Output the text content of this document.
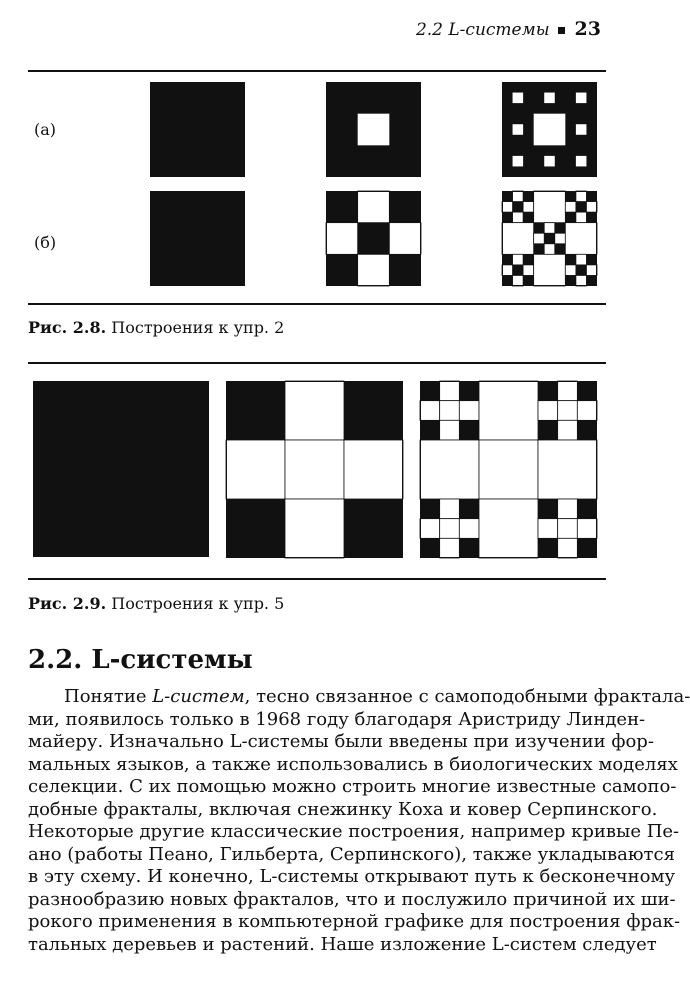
2.2 L-системы 23
(а)
(б)
Рис. 2.8. Построения к упр. 2
Рис. 2.9. Построения к упр. 5
2.2. L-системы
Понятие L-систем, тесно связанное с самоподобными фрактала-
ми, появилось только в 1968 году благодаря Аристриду Линден-
майеру. Изначально L-системы были введены при изучении фор-
мальных языков, а также использовались в биологических моделях
селекции. С их помощью можно строить многие известные самопо-
добные фракталы, включая снежинку Коха и ковер Серпинского.
Некоторые другие классические построения, например кривые Пе-
ано (работы Пеано, Гильберта, Серпинского), также укладываются
в эту схему. И конечно, L-системы открывают путь к бесконечному
разнообразию новых фракталов, что и послужило причиной их ши-
рокого применения в компьютерной графике для построения фрак-
тальных деревьев и растений. Наше изложение L-систем следует
